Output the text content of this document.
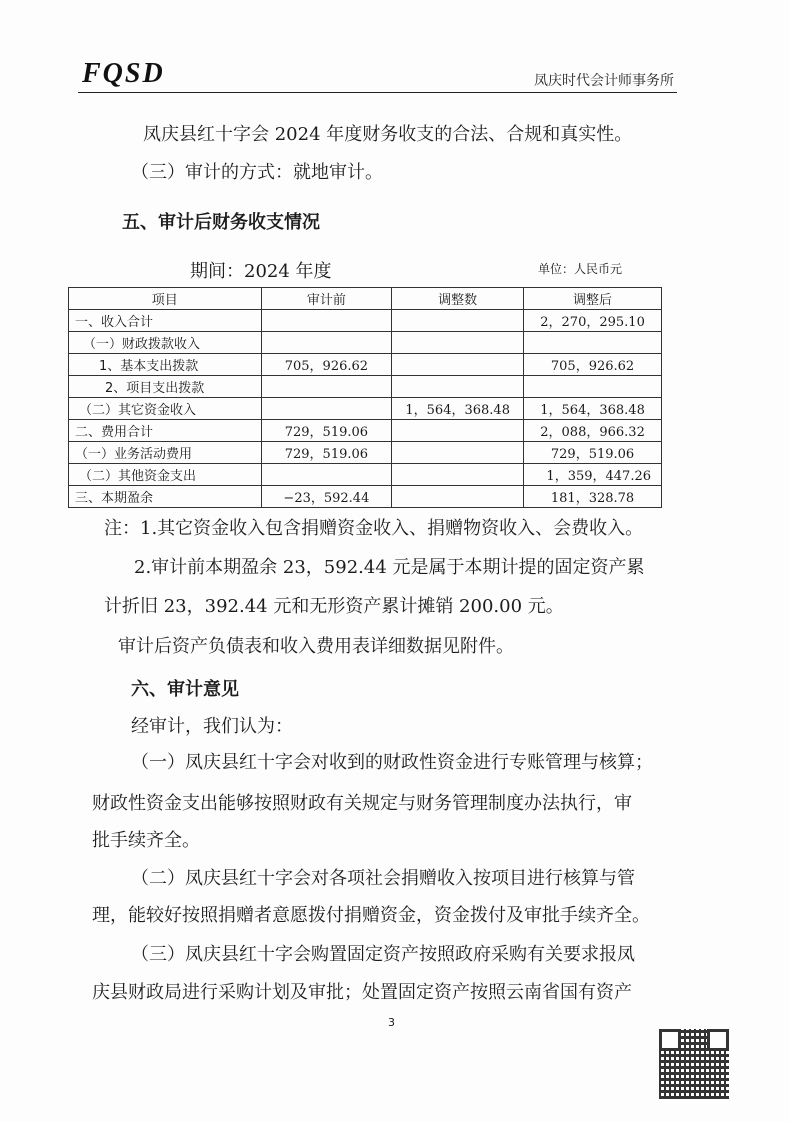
FQSD	凤庆时代会计师事务所
凤庆县红十字会 2024 年度财务收支的合法、合规和真实性。
（三）审计的方式：就地审计。
五、审计后财务收支情况
期间：2024 年度	单位：人民币元
项目	审计前	调整数	调整后
一、收入合计			2，270，295.10
（一）财政拨款收入			
1、基本支出拨款	705，926.62		705，926.62
2、项目支出拨款			
（二）其它资金收入		1，564，368.48	1，564，368.48
二、费用合计	729，519.06		2，088，966.32
（一）业务活动费用	729，519.06		729，519.06
（二）其他资金支出			1，359，447.26
三、本期盈余	−23，592.44		181，328.78
注：1.其它资金收入包含捐赠资金收入、捐赠物资收入、会费收入。
2.审计前本期盈余 23，592.44 元是属于本期计提的固定资产累
计折旧 23，392.44 元和无形资产累计摊销 200.00 元。
审计后资产负债表和收入费用表详细数据见附件。
六、审计意见
经审计，我们认为：
（一）凤庆县红十字会对收到的财政性资金进行专账管理与核算；
财政性资金支出能够按照财政有关规定与财务管理制度办法执行，审
批手续齐全。
（二）凤庆县红十字会对各项社会捐赠收入按项目进行核算与管
理，能较好按照捐赠者意愿拨付捐赠资金，资金拨付及审批手续齐全。
（三）凤庆县红十字会购置固定资产按照政府采购有关要求报凤
庆县财政局进行采购计划及审批；处置固定资产按照云南省国有资产
3
